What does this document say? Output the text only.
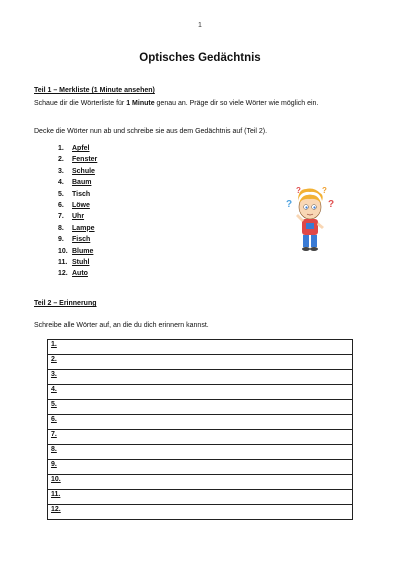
1
Optisches Gedächtnis
Teil 1 – Merkliste (1 Minute ansehen)
Schaue dir die Wörterliste für 1 Minute genau an. Präge dir so viele Wörter wie möglich ein.
Decke die Wörter nun ab und schreibe sie aus dem Gedächtnis auf (Teil 2).
1.	Apfel
2.	Fenster
3.	Schule
4.	Baum
5.	Tisch
6.	Löwe
7.	Uhr
8.	Lampe
9.	Fisch
10. Blume
11. Stuhl
12. Auto
?
?	?
?
Teil 2 – Erinnerung
Schreibe alle Wörter auf, an die du dich erinnern kannst.
1.
2.
3.
4.
5.
6.
7.
8.
9.
10.
11.
12.
